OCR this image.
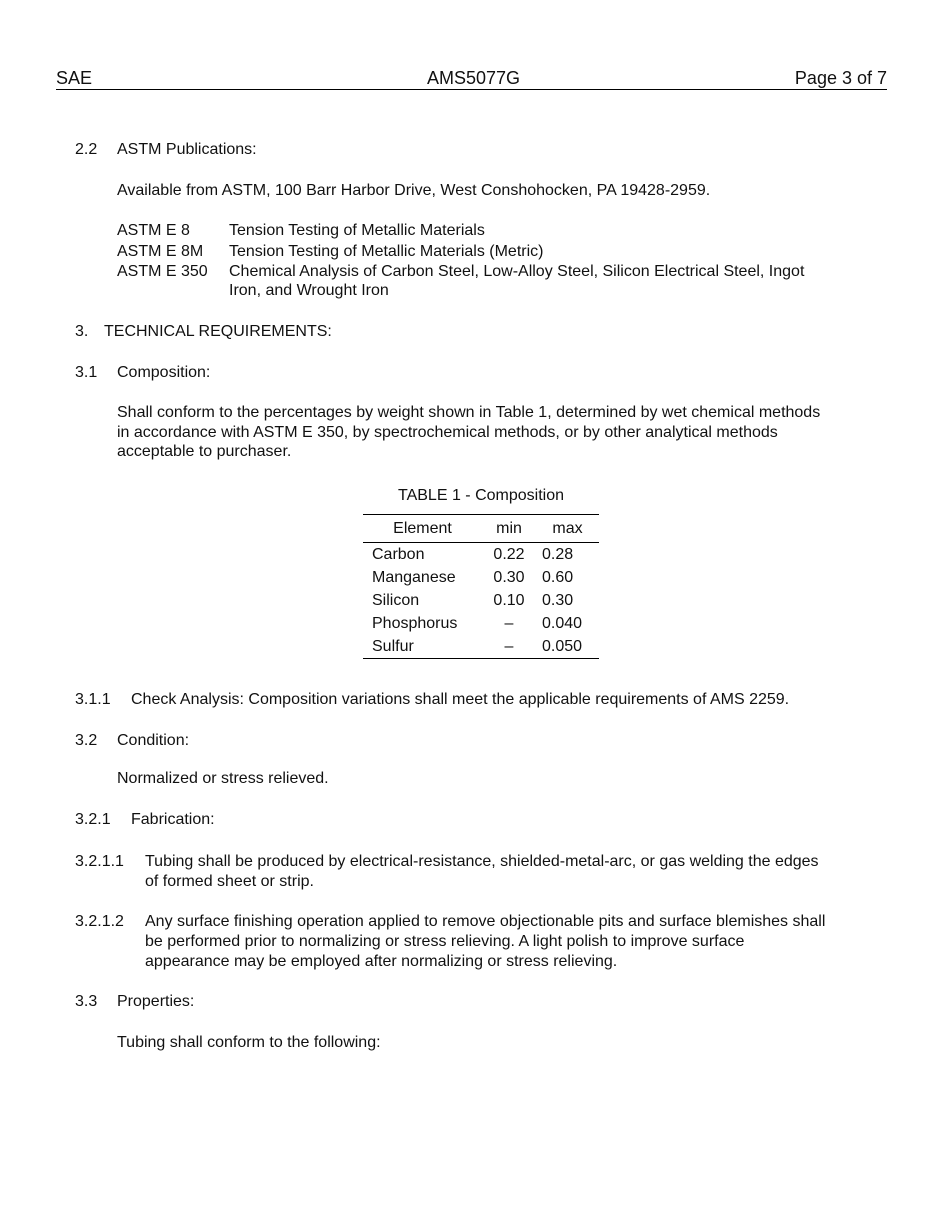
SAE	AMS5077G	Page 3 of 7
2.2 ASTM Publications:
Available from ASTM, 100 Barr Harbor Drive, West Conshohocken, PA 19428-2959.
ASTM E 8 Tension Testing of Metallic Materials
ASTM E 8M Tension Testing of Metallic Materials (Metric)
ASTM E 350 Chemical Analysis of Carbon Steel, Low-Alloy Steel, Silicon Electrical Steel, Ingot
Iron, and Wrought Iron
3. TECHNICAL REQUIREMENTS:
3.1 Composition:
Shall conform to the percentages by weight shown in Table 1, determined by wet chemical methods
in accordance with ASTM E 350, by spectrochemical methods, or by other analytical methods
acceptable to purchaser.
TABLE 1 - Composition
Element	min	max
Carbon	0.22	0.28
Manganese	0.30	0.60
Silicon	0.10	0.30
Phosphorus	–	0.040
Sulfur	–	0.050
3.1.1 Check Analysis: Composition variations shall meet the applicable requirements of AMS 2259.
3.2 Condition:
Normalized or stress relieved.
3.2.1 Fabrication:
3.2.1.1 Tubing shall be produced by electrical-resistance, shielded-metal-arc, or gas welding the edges
of formed sheet or strip.
3.2.1.2 Any surface finishing operation applied to remove objectionable pits and surface blemishes shall
be performed prior to normalizing or stress relieving. A light polish to improve surface
appearance may be employed after normalizing or stress relieving.
3.3 Properties:
Tubing shall conform to the following:
